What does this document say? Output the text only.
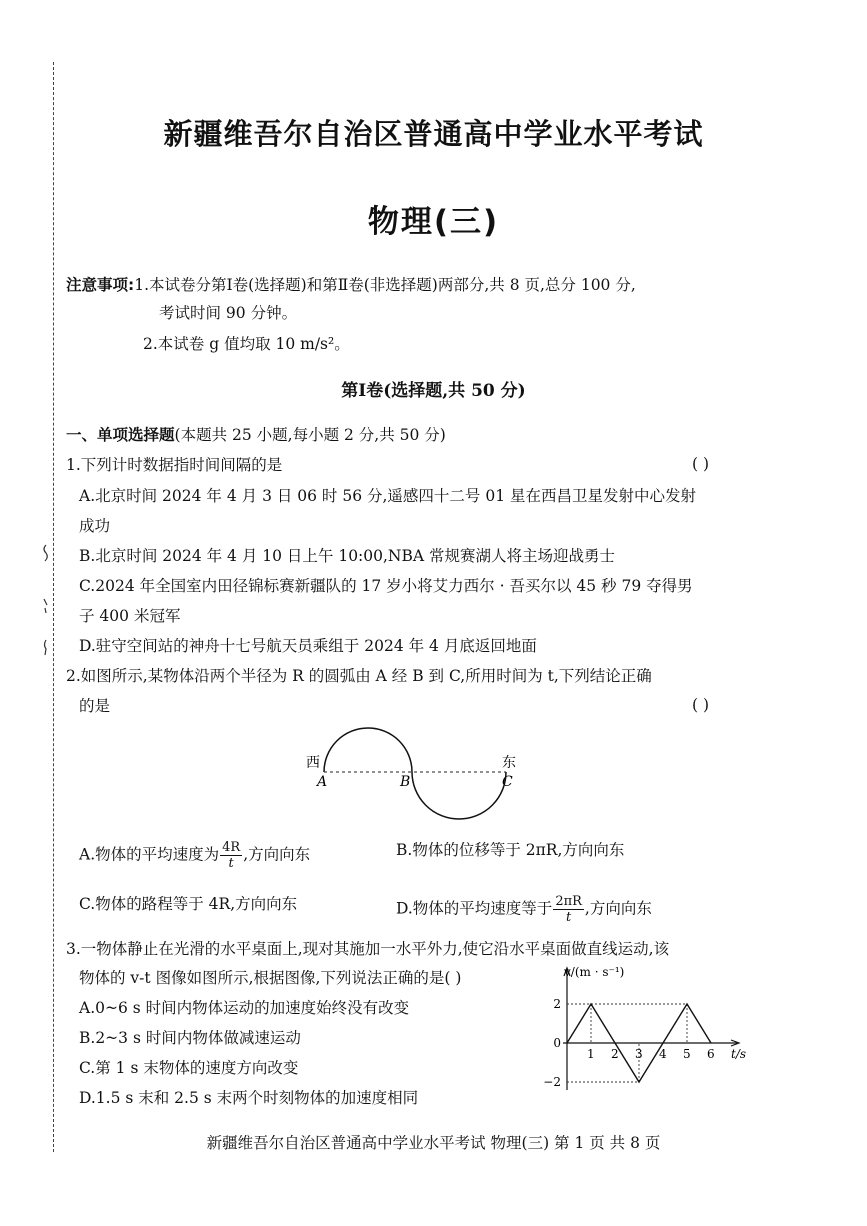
新疆维吾尔自治区普通高中学业水平考试
物理(三)
注意事项:1.本试卷分第Ⅰ卷(选择题)和第Ⅱ卷(非选择题)两部分,共 8 页,总分 100 分,
考试时间 90 分钟。
2.本试卷 g 值均取 10 m/s²。
第Ⅰ卷(选择题,共 50 分)
一、单项选择题(本题共 25 小题,每小题 2 分,共 50 分)
1.下列计时数据指时间间隔的是	( )
A.北京时间 2024 年 4 月 3 日 06 时 56 分,遥感四十二号 01 星在西昌卫星发射中心发射
成功
B.北京时间 2024 年 4 月 10 日上午 10:00,NBA 常规赛湖人将主场迎战勇士
C.2024 年全国室内田径锦标赛新疆队的 17 岁小将艾力西尔 · 吾买尔以 45 秒 79 夺得男
子 400 米冠军
D.驻守空间站的神舟十七号航天员乘组于 2024 年 4 月底返回地面
2.如图所示,某物体沿两个半径为 R 的圆弧由 A 经 B 到 C,所用时间为 t,下列结论正确
的是	( )
西
A	B
东
C
A.物体的平均速度为 $\frac{4R}{t}$ ,方向向东	B.物体的位移等于 2πR,方向向东
C.物体的路程等于 4R,方向向东	D.物体的平均速度等于 $\frac{2\pi R}{t}$ ,方向向东
3.一物体静止在光滑的水平桌面上,现对其施加一水平外力,使它沿水平桌面做直线运动,该
物体的 v-t 图像如图所示,根据图像,下列说法正确的是( )
A.0~6 s 时间内物体运动的加速度始终没有改变
B.2~3 s 时间内物体做减速运动
C.第 1 s 末物体的速度方向改变
D.1.5 s 末和 2.5 s 末两个时刻物体的加速度相同
v/(m · s⁻¹)
t/s
1 2 3 4 5 6
2
0
−2
新疆维吾尔自治区普通高中学业水平考试 物理(三) 第 1 页 共 8 页
